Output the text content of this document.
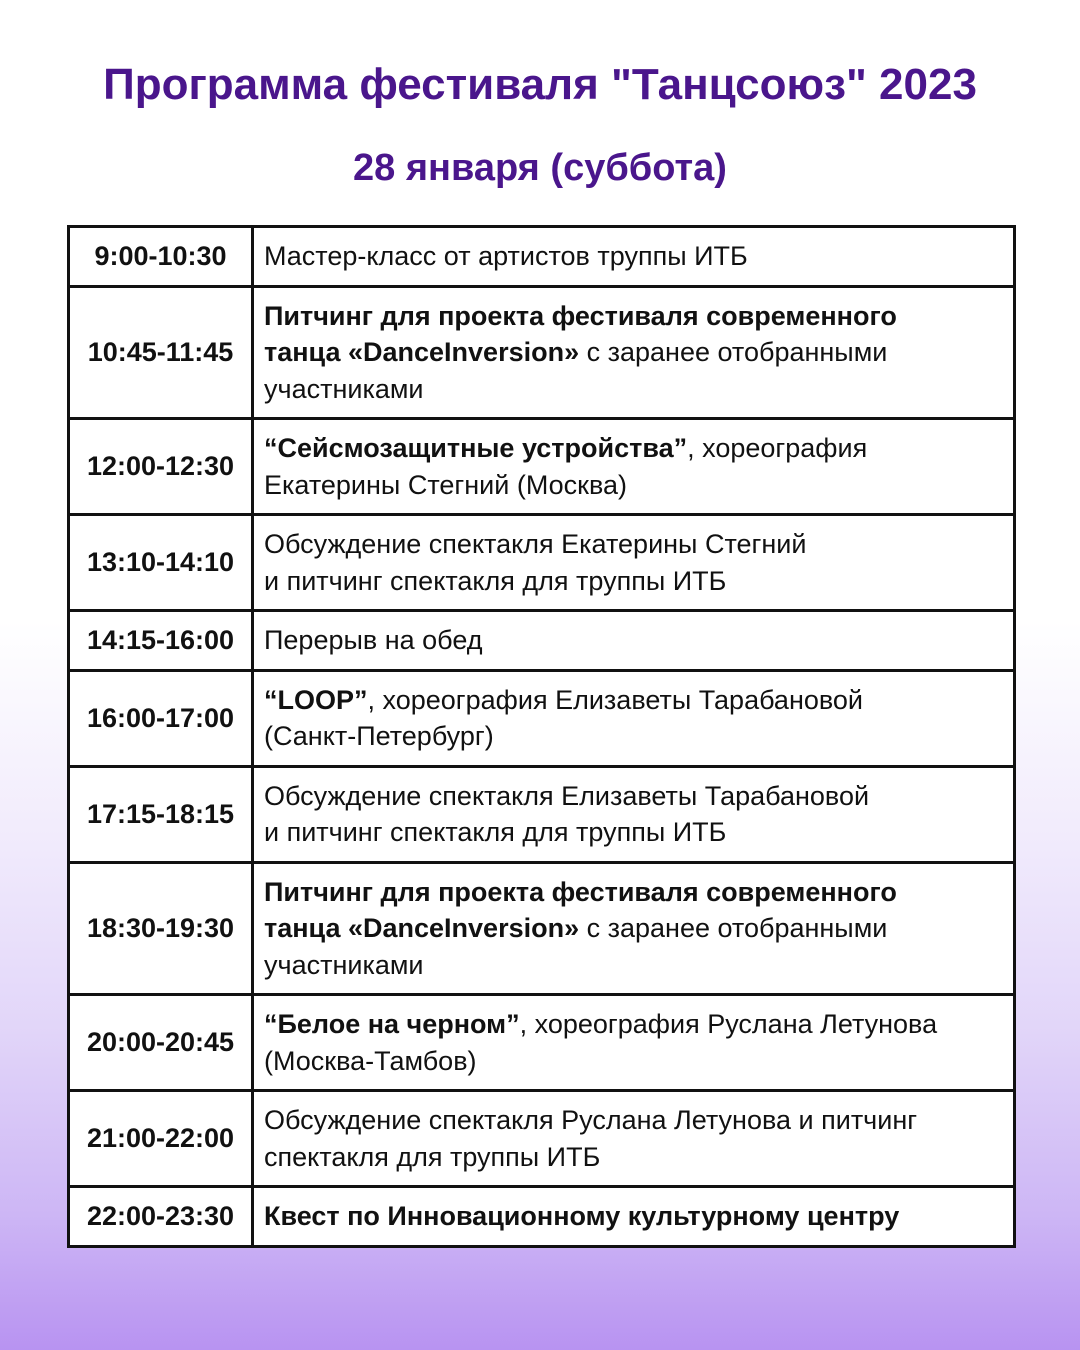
Программа фестиваля "Танцсоюз" 2023
28 января (суббота)
9:00-10:30	Мастер-класс от артистов труппы ИТБ

10:45-11:45	Питчинг для проекта фестиваля современного
танца «DanceInversion» с заранее отобранными
участниками

12:00-12:30	“Сейсмозащитные устройства”, хореография
Екатерины Стегний (Москва)

13:10-14:10	Обсуждение спектакля Екатерины Стегний
и питчинг спектакля для труппы ИТБ

14:15-16:00	Перерыв на обед

16:00-17:00	“LOOP”, хореография Елизаветы Тарабановой
(Санкт-Петербург)

17:15-18:15	Обсуждение спектакля Елизаветы Тарабановой
и питчинг спектакля для труппы ИТБ

18:30-19:30	Питчинг для проекта фестиваля современного
танца «DanceInversion» с заранее отобранными
участниками

20:00-20:45	“Белое на черном”, хореография Руслана Летунова
(Москва-Тамбов)

21:00-22:00	Обсуждение спектакля Руслана Летунова и питчинг
спектакля для труппы ИТБ

22:00-23:30	Квест по Инновационному культурному центру
